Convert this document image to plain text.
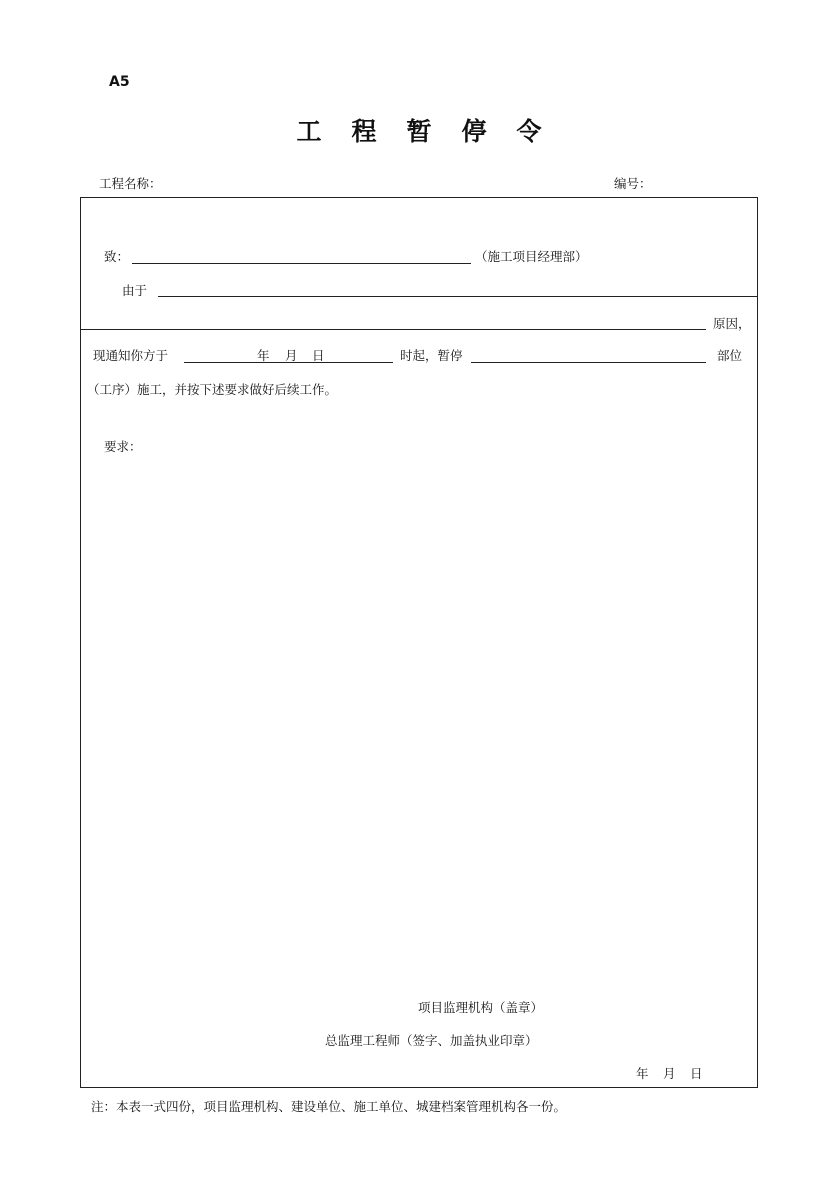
A5
工程暂停令
工程名称：	编号：
致：	（施工项目经理部）
由于
原因，
现通知你方于	年 月 日	时起，暂停	部位
（工序）施工，并按下述要求做好后续工作。
要求：
项目监理机构（盖章）
总监理工程师（签字、加盖执业印章）
年 月 日
注：本表一式四份，项目监理机构、建设单位、施工单位、城建档案管理机构各一份。
